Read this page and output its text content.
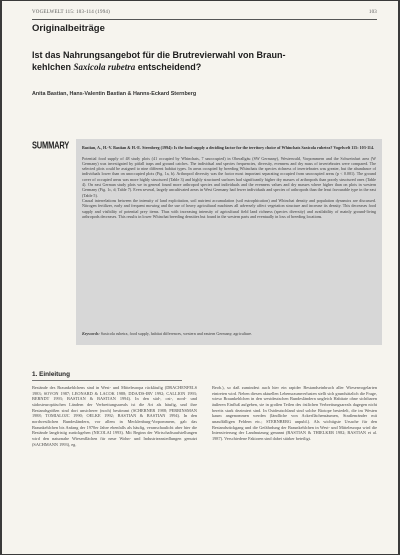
VOGELWELT 115: 103-114 (1994)	103
Originalbeiträge
Ist das Nahrungsangebot für die Brutrevierwahl von Braun-
kehlchen Saxicola rubetra entscheidend?
Anita Bastian, Hans-Valentin Bastian & Hanns-Eckard Sternberg
SUMMARY	Bastian, A., H.-V. Bastian & H.-E. Sternberg (1994): Is the food supply a deciding factor for the territory choice of Whinchats Saxicola rubetra? Vogelwelt 115: 103-114.

Potential food supply of 48 study plots (41 occupied by Whinchats, 7 unoccupied) in Oberallgäu (SW Germany), Westerwald, Vorpommern and the Schweinfurt area (W Germany) was investigated by pitfall traps and ground catches. The individual and species frequencies, diversity, evenness and dry mass of invertebrates were compared. The selected plots could be assigned to nine different habitat types. In areas occupied by breeding Whinchats the species richness of invertebrates was greater, but the abundance of individuals lower than on unoccupied plots (Fig. 1a, b). Arthropod diversity was the factor most important separating occupied from unoccupied areas (p < 0.001). The ground cover of occupied areas was more highly structured (Table 3) and highly structured surfaces had significantly higher dry masses of arthropods than poorly structured ones (Table 4). On east German study plots we in general found more arthropod species and individuals and the evenness values and dry masses where higher than on plots in western Germany (Fig. 1c, d; Table 7). Even several, largely uncultivated areas in West Germany had fewer individuals and species of arthropods than the least favourable type in the east (Table 5).
Causal interrelations between the intensity of land exploitation, soil nutrient accumulation (soil eutrophication) and Whinchat density and population dynamics are discussed. Nitrogen fertilizer, early and frequent mowing and the use of heavy agricultural machines all adversely affect vegetation structure and increase its density. This decreases food supply and visibility of potential prey items. Thus with increasing intensity of agricultural field land richness (species diversity) and availability of mainly ground-living arthropods decreases. This results in lower Whinchat breeding densities but found in the western parts and eventually in loss of breeding locations.
Keywords: Saxicola rubetra, food supply, habitat differences, western and eastern Germany, agriculture.
1. Einleitung
Bestände des Braunkehlchens sind in West- und Mitteleuropa rückläufig (DRACHENFELS 1983; SOVON 1987; LEONARD & LACOK 1988; DDA/DS-IRV 1992; CALLION 1993; BERNDT 1993; BASTIAN & BASTIAN 1994). In den süd-, ost-, nord- und südosteuropäischen Ländern der Verbreitungsareals ist die Art als häufig, und ihre Bestandsgrößen sind dort unsicherer (noch) bestimmt (SCHERNER 1988; PERRINSMAN 1988; TOMIALOJC 1990; OELKE 1992; BASTIAN & BASTIAN 1994). In den nordwestlichen Bundesländern, vor allem in Mecklenburg-Vorpommern, gab das Braunkehlchen bis Anfang der 1970er Jahre ebenfalls als häufig, veranschaulicht aber hier die Bestände langfristig zurückgehen (NICOLAI 1993). Mit Beginn der Wirtschaftsaufstellungen wird den naturnahe Wiesenflächen für neue Wohn- und Industrieansiedlungen genutzt (SACHMANN 1993), eg.
Beob.), so daß zumindest auch hier ein rapider Bestandseinbruch aller Wiesenvogelarten eintreten wird. Neben diesen aktuellen Lebensraumverlusten stellt sich grundsätzlich die Frage, wieso Braunkehlchen in den westdeutschen Bundesländern ungleich Habitate ohne sichtbaren äußeren Einfluß aufgeben, sie in großen Teilen des östlichen Verbreitungsareals dagegen nicht bereits stark dezimiert sind. In Ostdeutschland sind solche Biotope besiedelt, die im Westen kaum angenommen werden (ländliche von Ackerflächensäumen, Straßenränder mit unauffälligen Feldern etc.; STERNBERG unpubl.). Als wichtigste Ursache für den Bestandsrückgang und die Gefährdung der Braunkehlchen in West- und Mitteleuropa wird die Intensivierung der Landnutzung genannt (BASTIAN & THIELKER 1982; BASTIAN et al. 1987). Verschiedene Faktoren sind dabei stärker beteiligt.
